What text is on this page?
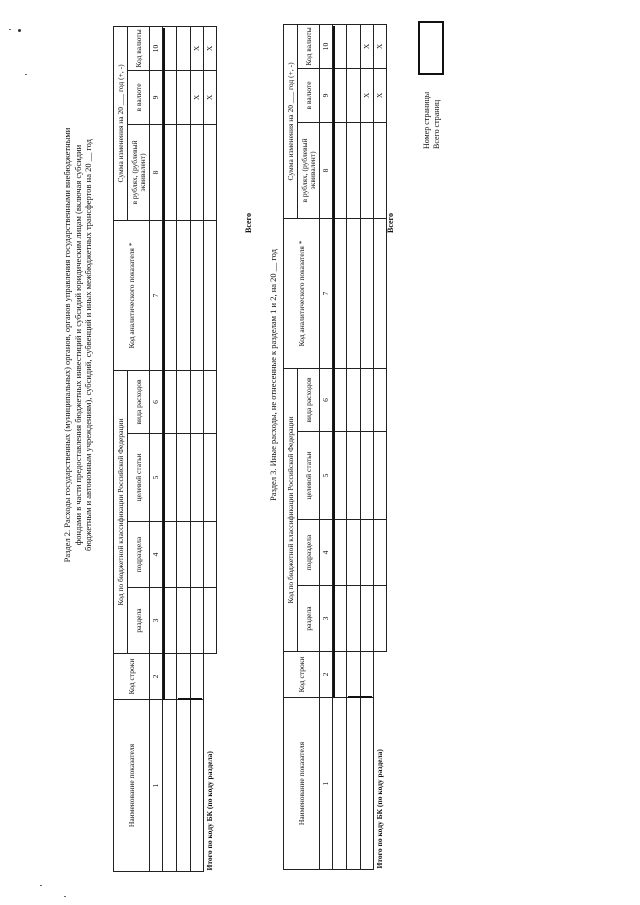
Раздел 2. Расходы государственных (муниципальных) органов, органов управления государственными внебюджетными фондами в части предоставления бюджетных инвестиций и субсидий юридическим лицам (включая субсидии бюджетным и автономным учреждениям), субсидий, субвенций и иных межбюджетных трансфертов на 20 __ год
Наименование показателя	Код строки	Код по бюджетной классификации Российской Федерации				Код аналитического показателя *	Сумма изменения на 20 ___ год (+, -)		
		раздела	подраздела	целевой статьи	вида расходов		в рублях, (рублевый эквивалент)	в валюте	Код валюты
1	2	3	4	5	6	7	8	9	10

								X	X
Итого по коду БК (по коду раздела)								X	X
Всего
Раздел 3. Иные расходы, не отнесенные к разделам 1 и 2, на 20 __ год
Наименование показателя	Код строки	Код по бюджетной классификации Российской Федерации				Код аналитического показателя *	Сумма изменения на 20 ___ год (+, -)		
		раздела	подраздела	целевой статьи	вида расходов		в рублях, (рублевый эквивалент)	в валюте	Код валюты
1	2	3	4	5	6	7	8	9	10

								X	X
Итого по коду БК (по коду раздела)								X	X
Всего
Номер страницы Всего страниц
